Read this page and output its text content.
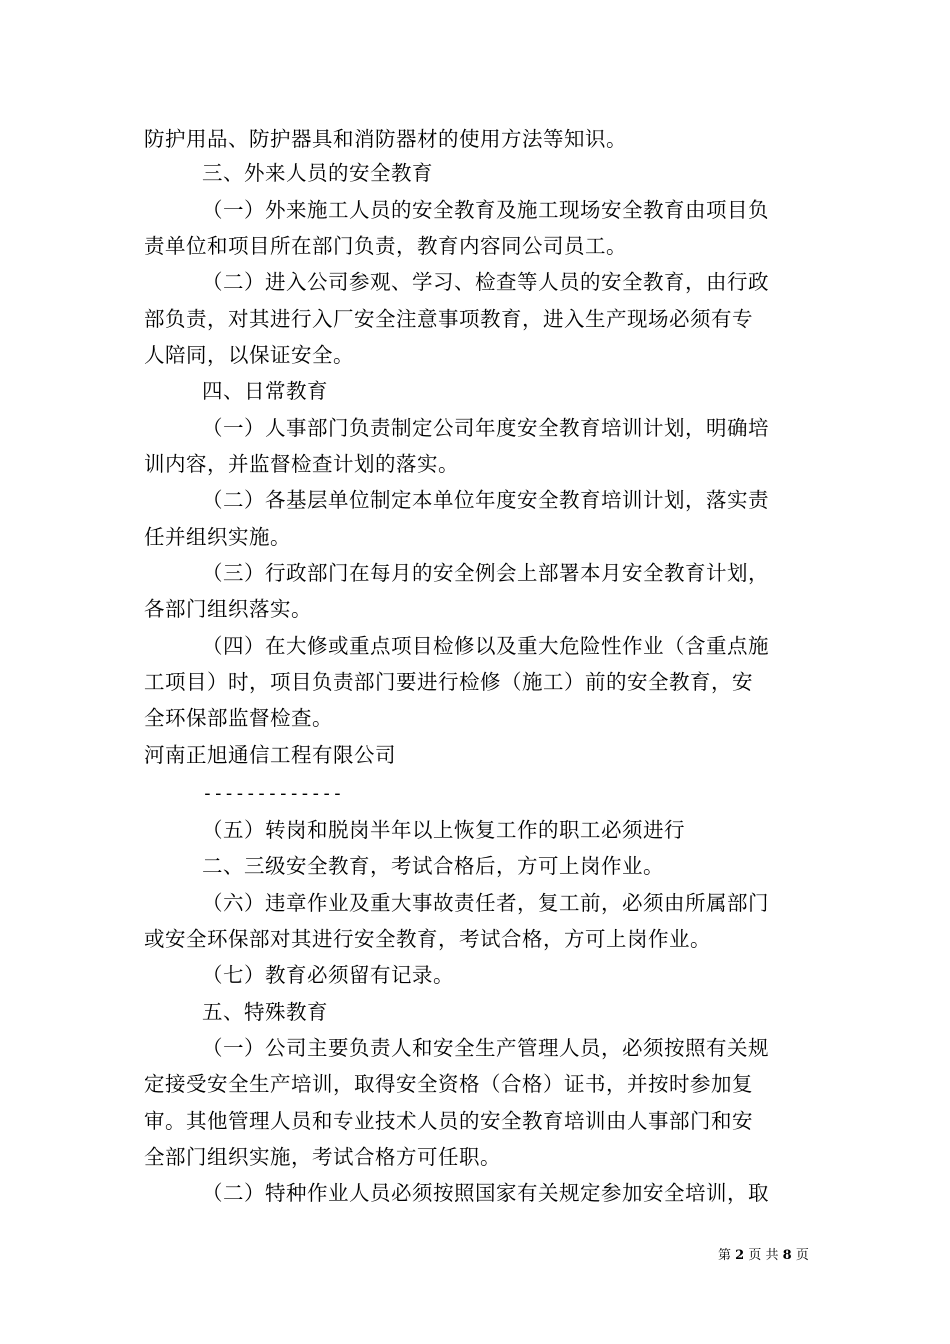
防护用品、防护器具和消防器材的使用方法等知识。
三、外来人员的安全教育
（一）外来施工人员的安全教育及施工现场安全教育由项目负
责单位和项目所在部门负责，教育内容同公司员工。
（二）进入公司参观、学习、检查等人员的安全教育，由行政
部负责，对其进行入厂安全注意事项教育，进入生产现场必须有专
人陪同，以保证安全。
四、日常教育
（一）人事部门负责制定公司年度安全教育培训计划，明确培
训内容，并监督检查计划的落实。
（二）各基层单位制定本单位年度安全教育培训计划，落实责
任并组织实施。
（三）行政部门在每月的安全例会上部署本月安全教育计划，
各部门组织落实。
（四）在大修或重点项目检修以及重大危险性作业（含重点施
工项目）时，项目负责部门要进行检修（施工）前的安全教育，安
全环保部监督检查。
河南正旭通信工程有限公司
-------------
（五）转岗和脱岗半年以上恢复工作的职工必须进行
二、三级安全教育，考试合格后，方可上岗作业。
（六）违章作业及重大事故责任者，复工前，必须由所属部门
或安全环保部对其进行安全教育，考试合格，方可上岗作业。
（七）教育必须留有记录。
五、特殊教育
（一）公司主要负责人和安全生产管理人员，必须按照有关规
定接受安全生产培训，取得安全资格（合格）证书，并按时参加复
审。其他管理人员和专业技术人员的安全教育培训由人事部门和安
全部门组织实施，考试合格方可任职。
（二）特种作业人员必须按照国家有关规定参加安全培训，取
第 2 页 共 8 页
